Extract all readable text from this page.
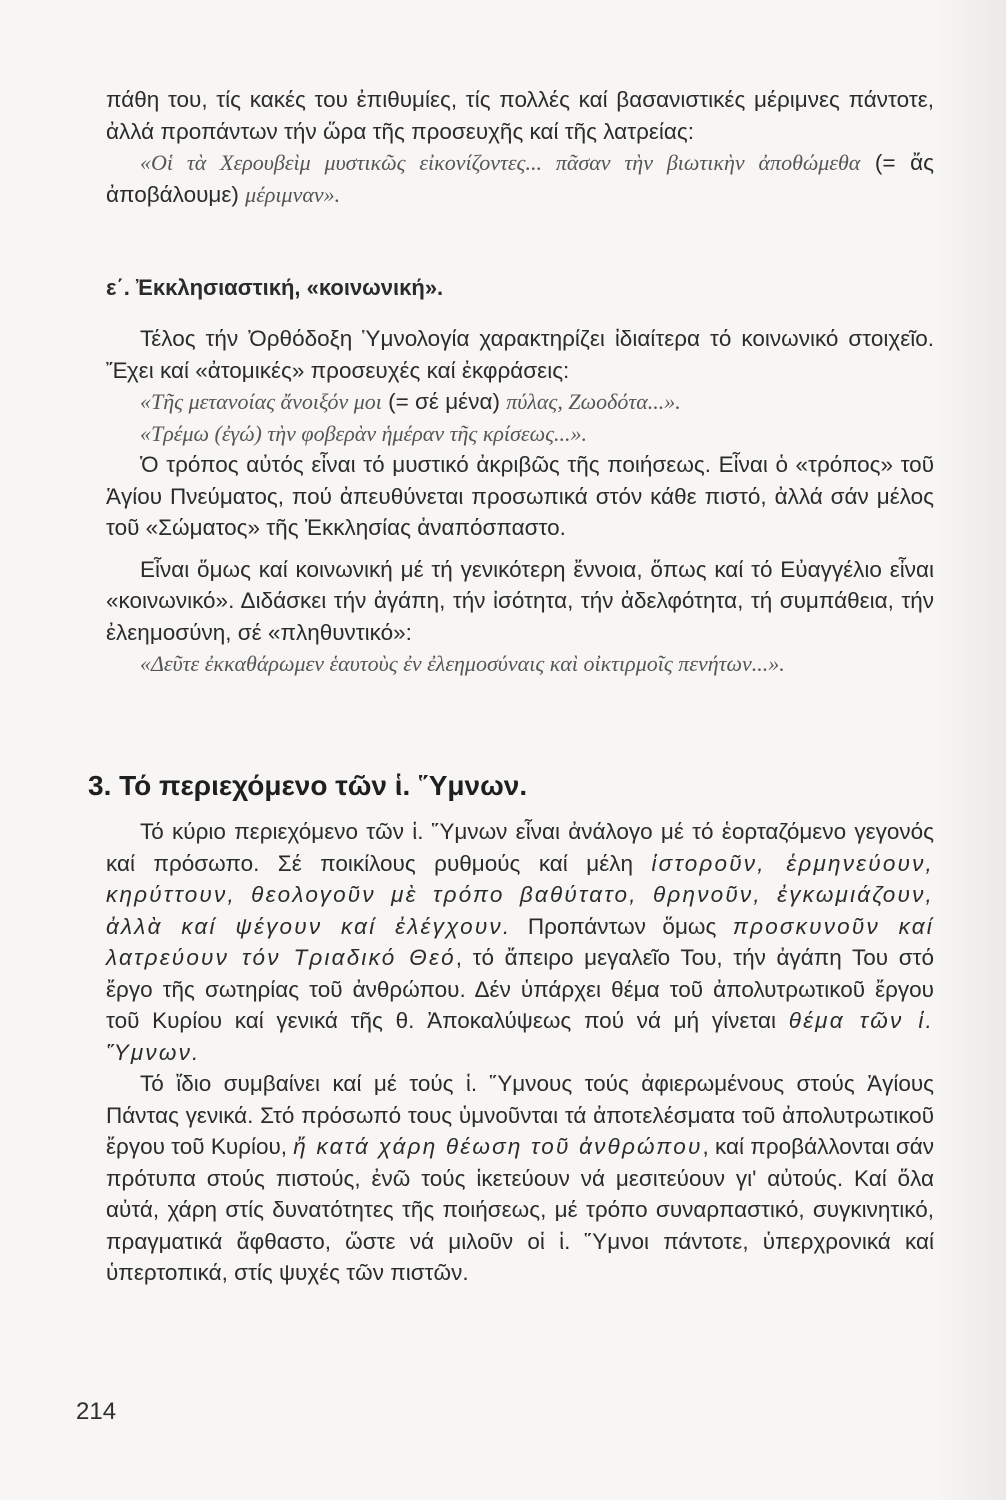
πάθη του, τίς κακές του ἐπιθυμίες, τίς πολλές καί βασανιστικές μέριμνες πάντοτε, ἀλλά προπάντων τήν ὥρα τῆς προσευχῆς καί τῆς λατρείας:

«Οἱ τὰ Χερουβεὶμ μυστικῶς εἰκονίζοντες... πᾶσαν τὴν βιωτικὴν ἀποθώμεθα (= ἄς ἀποβάλουμε) μέριμναν».

ε΄. Ἐκκλησιαστική, «κοινωνική».

Τέλος τήν Ὀρθόδοξη Ὑμνολογία χαρακτηρίζει ἰδιαίτερα τό κοινωνικό στοιχεῖο. Ἔχει καί «ἀτομικές» προσευχές καί ἐκφράσεις:

«Τῆς μετανοίας ἄνοιξόν μοι (= σέ μένα) πύλας, Ζωοδότα...».

«Τρέμω (ἐγώ) τὴν φοβερὰν ἡμέραν τῆς κρίσεως...».

Ὁ τρόπος αὐτός εἶναι τό μυστικό ἀκριβῶς τῆς ποιήσεως. Εἶναι ὁ «τρόπος» τοῦ Ἁγίου Πνεύματος, πού ἀπευθύνεται προσωπικά στόν κάθε πιστό, ἀλλά σάν μέλος τοῦ «Σώματος» τῆς Ἐκκλησίας ἀναπόσπαστο.

Εἶναι ὅμως καί κοινωνική μέ τή γενικότερη ἔννοια, ὅπως καί τό Εὐαγγέλιο εἶναι «κοινωνικό». Διδάσκει τήν ἀγάπη, τήν ἰσότητα, τήν ἀδελφότητα, τή συμπάθεια, τήν ἐλεημοσύνη, σέ «πληθυντικό»:

«Δεῦτε ἐκκαθάρωμεν ἑαυτοὺς ἐν ἐλεημοσύναις καὶ οἰκτιρμοῖς πενήτων...».

3. Τό περιεχόμενο τῶν ἱ. Ὕμνων.

Τό κύριο περιεχόμενο τῶν ἱ. Ὕμνων εἶναι ἀνάλογο μέ τό ἑορταζόμενο γεγονός καί πρόσωπο. Σέ ποικίλους ρυθμούς καί μέλη ἱστοροῦν, ἑρμηνεύουν, κηρύττουν, θεολογοῦν μὲ τρόπο βαθύτατο, θρηνοῦν, ἐγκωμιάζουν, ἀλλὰ καί ψέγουν καί ἐλέγχουν. Προπάντων ὅμως προσκυνοῦν καί λατρεύουν τόν Τριαδικό Θεό, τό ἄπειρο μεγαλεῖο Του, τήν ἀγάπη Του στό ἔργο τῆς σωτηρίας τοῦ ἀνθρώπου. Δέν ὑπάρχει θέμα τοῦ ἀπολυτρωτικοῦ ἔργου τοῦ Κυρίου καί γενικά τῆς θ. Ἀποκαλύψεως πού νά μή γίνεται θέμα τῶν ἱ. Ὕμνων.

Τό ἴδιο συμβαίνει καί μέ τούς ἱ. Ὕμνους τούς ἀφιερωμένους στούς Ἁγίους Πάντας γενικά. Στό πρόσωπό τους ὑμνοῦνται τά ἀποτελέσματα τοῦ ἀπολυτρωτικοῦ ἔργου τοῦ Κυρίου, ἤ κατά χάρη θέωση τοῦ ἀνθρώπου, καί προβάλλονται σάν πρότυπα στούς πιστούς, ἐνῶ τούς ἱκετεύουν νά μεσιτεύουν γι' αὐτούς. Καί ὅλα αὐτά, χάρη στίς δυνατότητες τῆς ποιήσεως, μέ τρόπο συναρπαστικό, συγκινητικό, πραγματικά ἄφθαστο, ὥστε νά μιλοῦν οἱ ἱ. Ὕμνοι πάντοτε, ὑπερχρονικά καί ὑπερτοπικά, στίς ψυχές τῶν πιστῶν.

214
